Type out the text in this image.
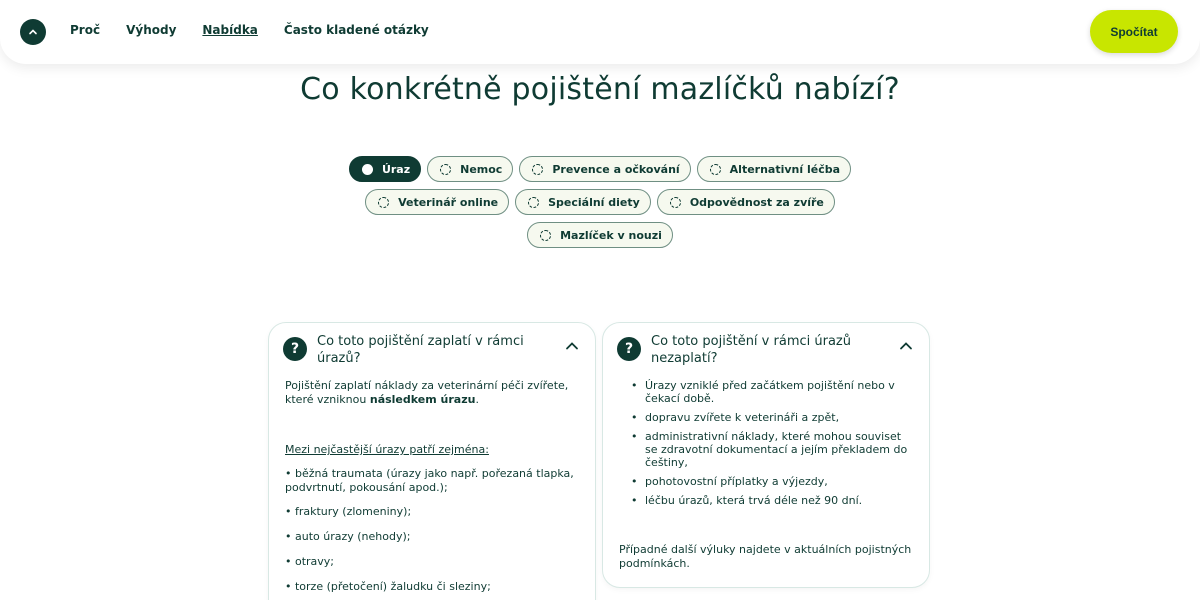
Proč Výhody Nabídka Často kladené otázky	Spočítat
Co konkrétně pojištění mazlíčků nabízí?
Úraz	Nemoc	Prevence a očkování	Alternativní léčba
Veterinář online	Speciální diety	Odpovědnost za zvíře
Mazlíček v nouzi
?	Co toto pojištění zaplatí v rámci úrazů?
Pojištění zaplatí náklady za veterinární péči zvířete, které vzniknou následkem úrazu.
Mezi nejčastější úrazy patří zejména:
• běžná traumata (úrazy jako např. pořezaná tlapka, podvrtnutí, pokousání apod.);
• fraktury (zlomeniny);
• auto úrazy (nehody);
• otravy;
• torze (přetočení) žaludku či sleziny;
?	Co toto pojištění v rámci úrazů nezaplatí?
• Úrazy vzniklé před začátkem pojištění nebo v čekací době.
• dopravu zvířete k veterináři a zpět,
• administrativní náklady, které mohou souviset se zdravotní dokumentací a jejím překladem do češtiny,
• pohotovostní příplatky a výjezdy,
• léčbu úrazů, která trvá déle než 90 dní.
Případné další výluky najdete v aktuálních pojistných podmínkách.
